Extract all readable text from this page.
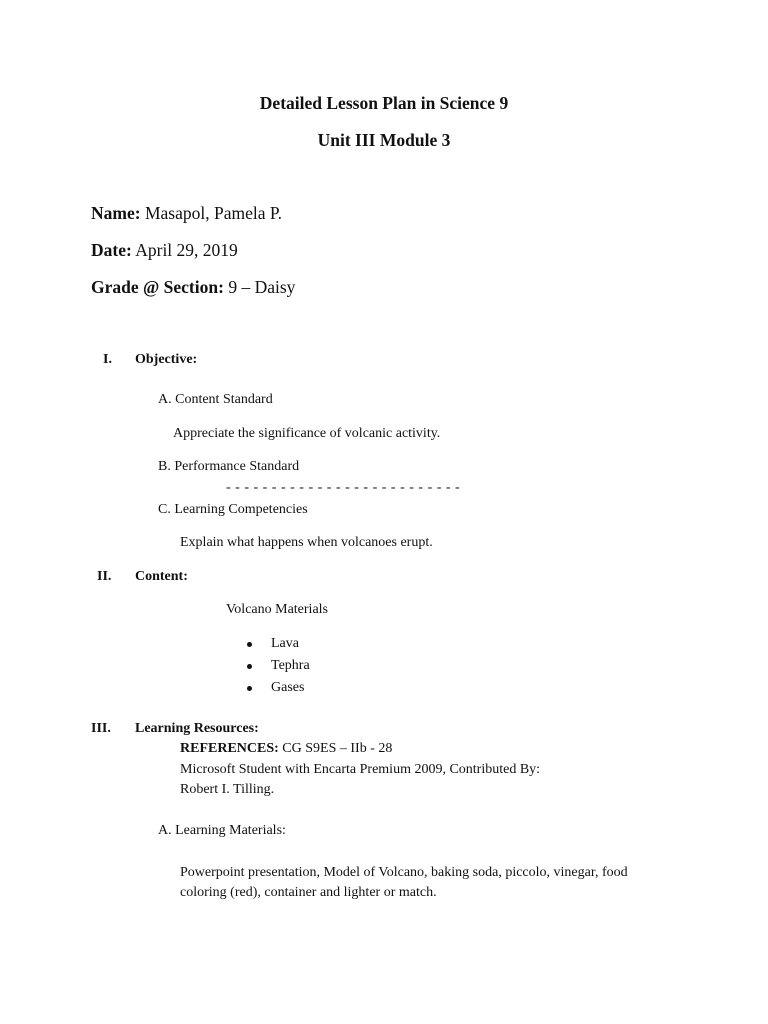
Detailed Lesson Plan in Science 9
Unit III Module 3
Name: Masapol, Pamela P.
Date: April 29, 2019
Grade @ Section: 9 – Daisy
I. Objective:
A. Content Standard
Appreciate the significance of volcanic activity.
B. Performance Standard
- - - - - - - - - - - - - - - - - - - - - - - - - -
C. Learning Competencies
Explain what happens when volcanoes erupt.
II. Content:
Volcano Materials
Lava
Tephra
Gases
III. Learning Resources:
REFERENCES: CG S9ES – IIb - 28
Microsoft Student with Encarta Premium 2009, Contributed By:
Robert I. Tilling.
A. Learning Materials:
Powerpoint presentation, Model of Volcano, baking soda, piccolo, vinegar, food
coloring (red), container and lighter or match.
